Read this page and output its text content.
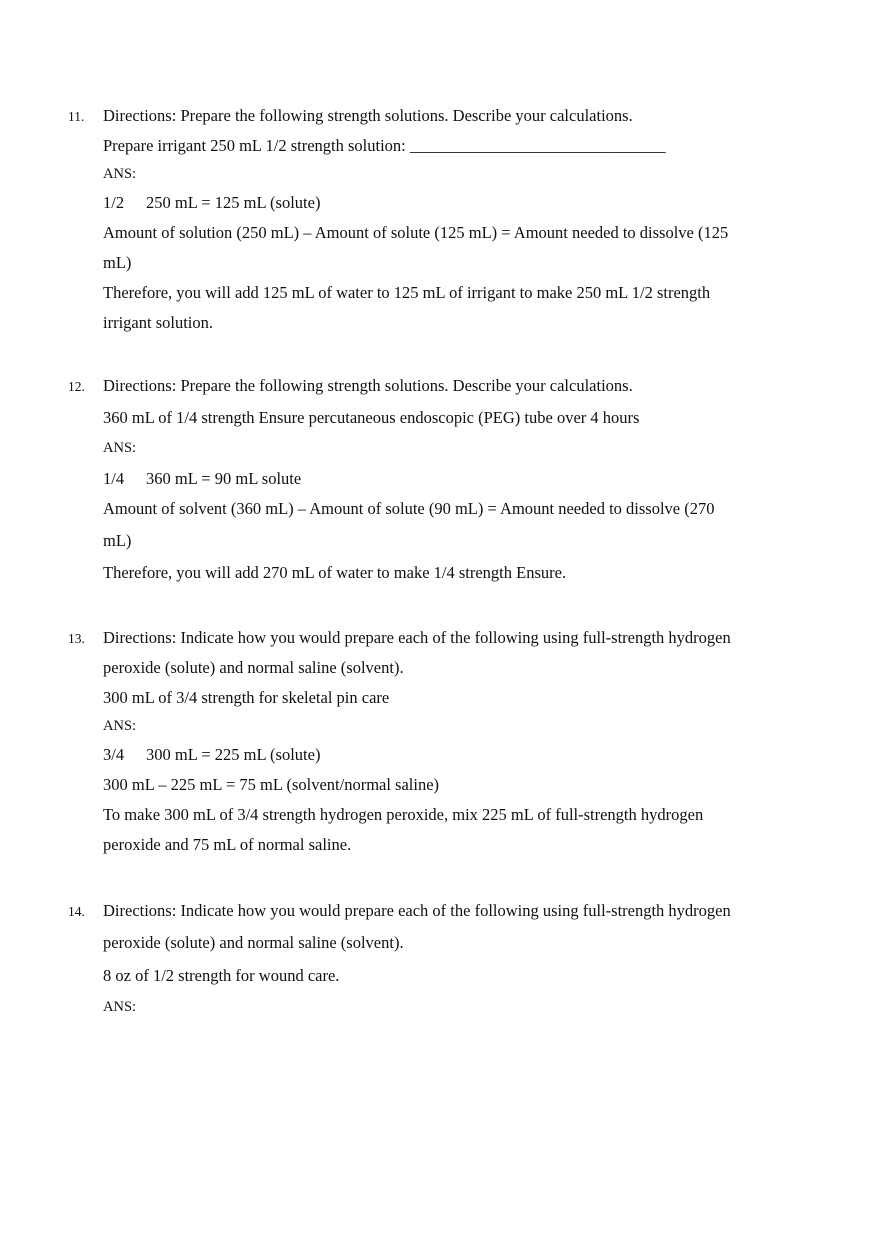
11. Directions: Prepare the following strength solutions. Describe your calculations.
Prepare irrigant 250 mL 1/2 strength solution: _______________________________
ANS:
1/2 250 mL = 125 mL (solute)
Amount of solution (250 mL) – Amount of solute (125 mL) = Amount needed to dissolve (125
mL)
Therefore, you will add 125 mL of water to 125 mL of irrigant to make 250 mL 1/2 strength
irrigant solution.
12. Directions: Prepare the following strength solutions. Describe your calculations.
360 mL of 1/4 strength Ensure percutaneous endoscopic (PEG) tube over 4 hours
ANS:
1/4 360 mL = 90 mL solute
Amount of solvent (360 mL) – Amount of solute (90 mL) = Amount needed to dissolve (270
mL)
Therefore, you will add 270 mL of water to make 1/4 strength Ensure.
13. Directions: Indicate how you would prepare each of the following using full-strength hydrogen
peroxide (solute) and normal saline (solvent).
300 mL of 3/4 strength for skeletal pin care
ANS:
3/4 300 mL = 225 mL (solute)
300 mL – 225 mL = 75 mL (solvent/normal saline)
To make 300 mL of 3/4 strength hydrogen peroxide, mix 225 mL of full-strength hydrogen
peroxide and 75 mL of normal saline.
14. Directions: Indicate how you would prepare each of the following using full-strength hydrogen
peroxide (solute) and normal saline (solvent).
8 oz of 1/2 strength for wound care.
ANS:
